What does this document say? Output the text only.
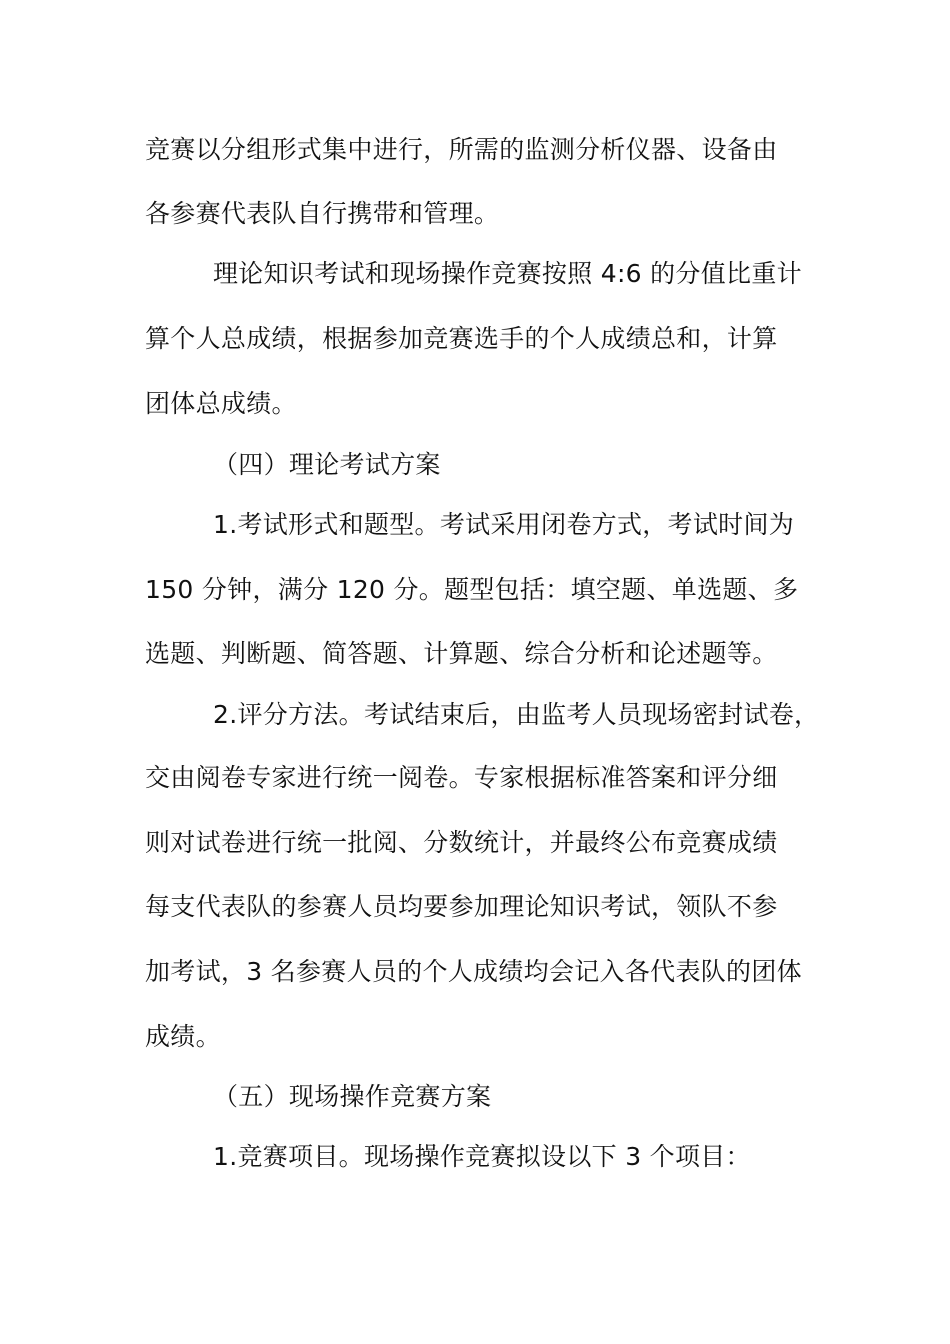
竞赛以分组形式集中进行，所需的监测分析仪器、设备由
各参赛代表队自行携带和管理。
理论知识考试和现场操作竞赛按照 4:6 的分值比重计
算个人总成绩，根据参加竞赛选手的个人成绩总和，计算
团体总成绩。
（四）理论考试方案
1.考试形式和题型。考试采用闭卷方式，考试时间为
150 分钟，满分 120 分。题型包括：填空题、单选题、多
选题、判断题、简答题、计算题、综合分析和论述题等。
2.评分方法。考试结束后，由监考人员现场密封试卷，
交由阅卷专家进行统一阅卷。专家根据标准答案和评分细
则对试卷进行统一批阅、分数统计，并最终公布竞赛成绩
每支代表队的参赛人员均要参加理论知识考试，领队不参
加考试，3 名参赛人员的个人成绩均会记入各代表队的团体
成绩。
（五）现场操作竞赛方案
1.竞赛项目。现场操作竞赛拟设以下 3 个项目：
